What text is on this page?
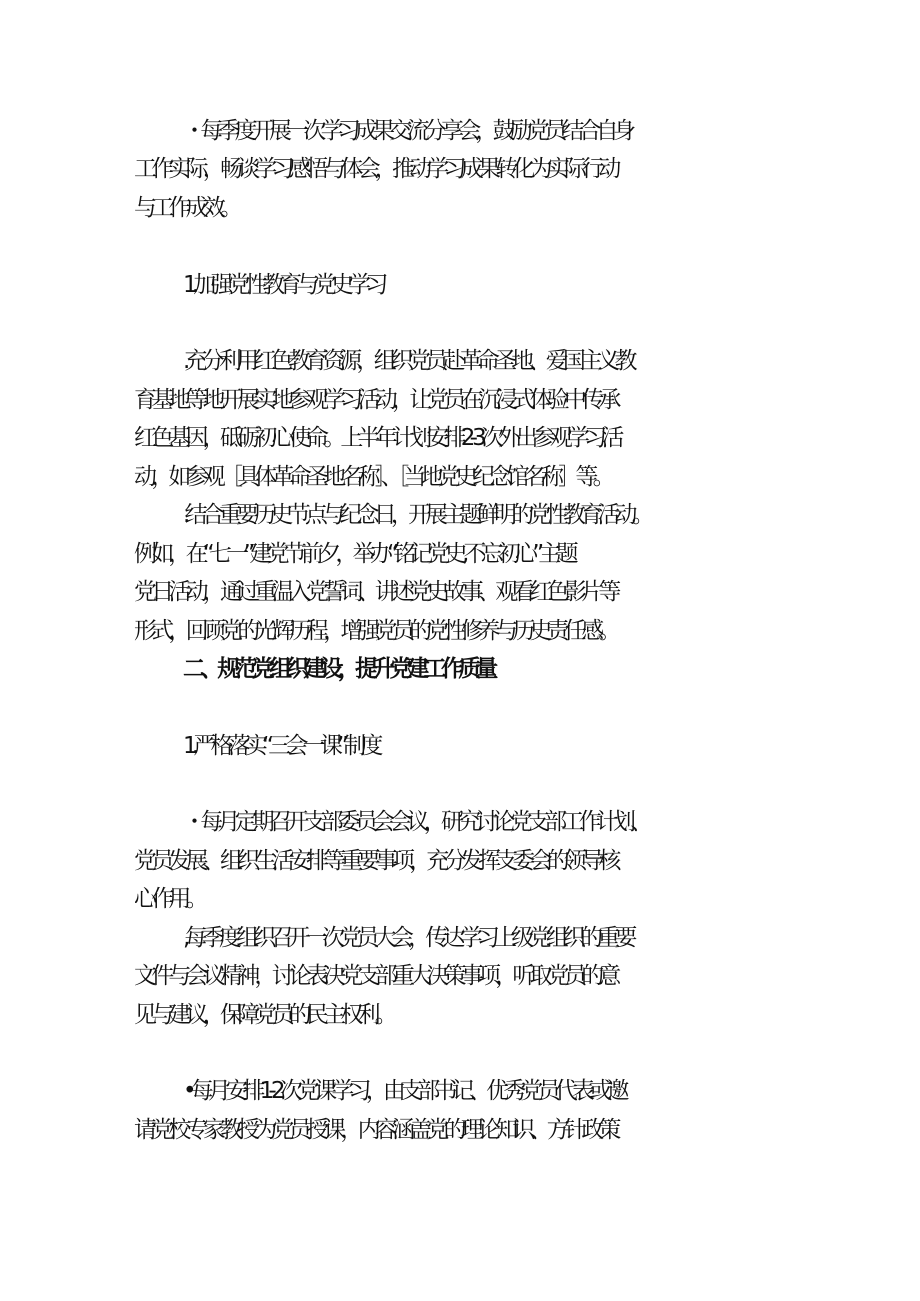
・每季度开展一次学习成果交流分享会，鼓励党员结合自身
工作实际，畅谈学习感悟与体会，推动学习成果转化为实际行动
与工作成效。
1.加强党性教育与党史学习
.充分利用红色教育资源，组织党员赴革命圣地、爱国主义教
育基地等地开展实地参观学习活动，让党员在沉浸式体验中传承
红色基因，砥砺初心使命。上半年计划安排2-3次外出参观学习活
动，如参观［具体革命圣地名称］、［当地党史纪念馆名称］等。
.结合重要历史节点与纪念日，开展主题鲜明的党性教育活动。
例如，在“七一”建党节前夕，举办“铭记党史,不忘初心”主题
党日活动，通过重温入党誓词、讲述党史故事、观看红色影片等
形式，回顾党的光辉历程，增强党员的党性修养与历史责任感。
二、规范党组织建设，提升党建工作质量
1.严格落实“三会一课”制度
・每月定期召开支部委员会会议，研究讨论党支部工作计划、
党员发展、组织生活安排等重要事项，充分发挥支委会的领导核
心作用。
,每季度组织召开一次党员大会，传达学习上级党组织的重要
文件与会议精神，讨论表决党支部重大决策事项，听取党员的意
见与建议，保障党员的民主权利。
•每月安排1-2次党课学习，由支部书记、优秀党员代表或邀
请党校专家教授为党员授课，内容涵盖党的理论知识、方针政策
